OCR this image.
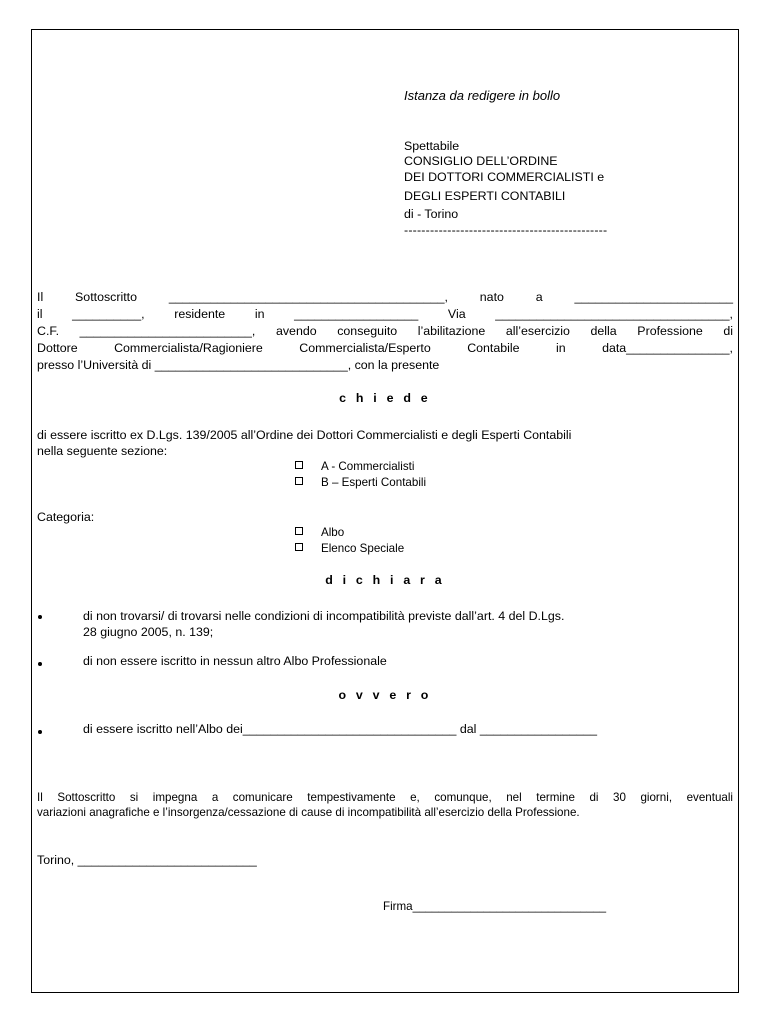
Istanza da redigere in bollo
Spettabile
CONSIGLIO DELL’ORDINE
DEI DOTTORI COMMERCIALISTI e
DEGLI ESPERTI CONTABILI
di - Torino
-----------------------------------------------
Il Sottoscritto ________________________________________, nato a _______________________
il __________, residente in __________________ Via __________________________________,
C.F. _________________________, avendo conseguito l’abilitazione all’esercizio della Professione di
Dottore Commercialista/Ragioniere Commercialista/Esperto Contabile in data_______________,
presso l’Università di ____________________________, con la presente
c h i e d e
di essere iscritto ex D.Lgs. 139/2005 all’Ordine dei Dottori Commercialisti e degli Esperti Contabili
nella seguente sezione:
A - Commercialisti
B – Esperti Contabili
Categoria:
Albo
Elenco Speciale
d i c h i a r a
di non trovarsi/ di trovarsi nelle condizioni di incompatibilità previste dall’art. 4 del D.Lgs.
28 giugno 2005, n. 139;
di non essere iscritto in nessun altro Albo Professionale
o v v e r o
di essere iscritto nell’Albo dei_______________________________ dal _________________
Il Sottoscritto si impegna a comunicare tempestivamente e, comunque, nel termine di 30 giorni, eventuali
variazioni anagrafiche e l’insorgenza/cessazione di cause di incompatibilità all’esercizio della Professione.
Torino, __________________________
Firma______________________________
